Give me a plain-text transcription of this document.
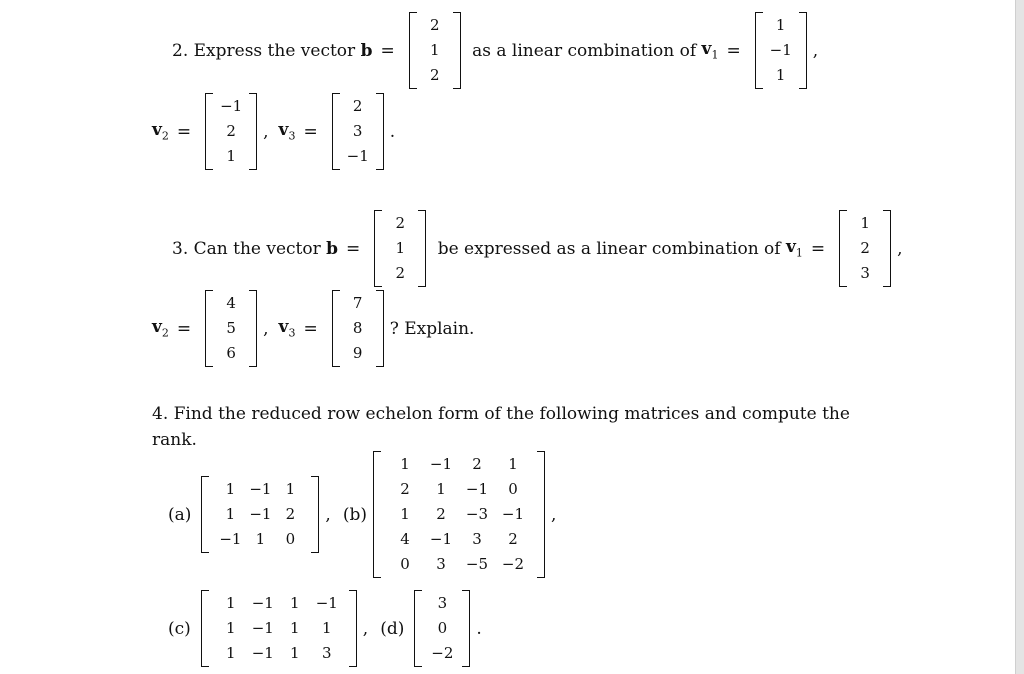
2. Express the vector b =
2
1
2
as a linear combination of $v_1$ =
1
−1
1
,
$v_2$ =
−1
2
1
, $v_3$ =
2
3
−1
.
3. Can the vector b =
2
1
2
be expressed as a linear combination of $v_1$ =
1
2
3
,
$v_2$ =
4
5
6
, $v_3$ =
7
8
9
? Explain.
4. Find the reduced row echelon form of the following matrices and compute the
rank.
(a)
1 −1 1
1 −1 2
−1 1	0
, (b)
1	−1	2	1
2	1	−1	0
1	2	−3 −1
4	−1	3	2
0	3	−5 −2
,
(c)
1	−1	1	−1
1	−1	1	1
1	−1	1	3
, (d)
3
0
−2
.
